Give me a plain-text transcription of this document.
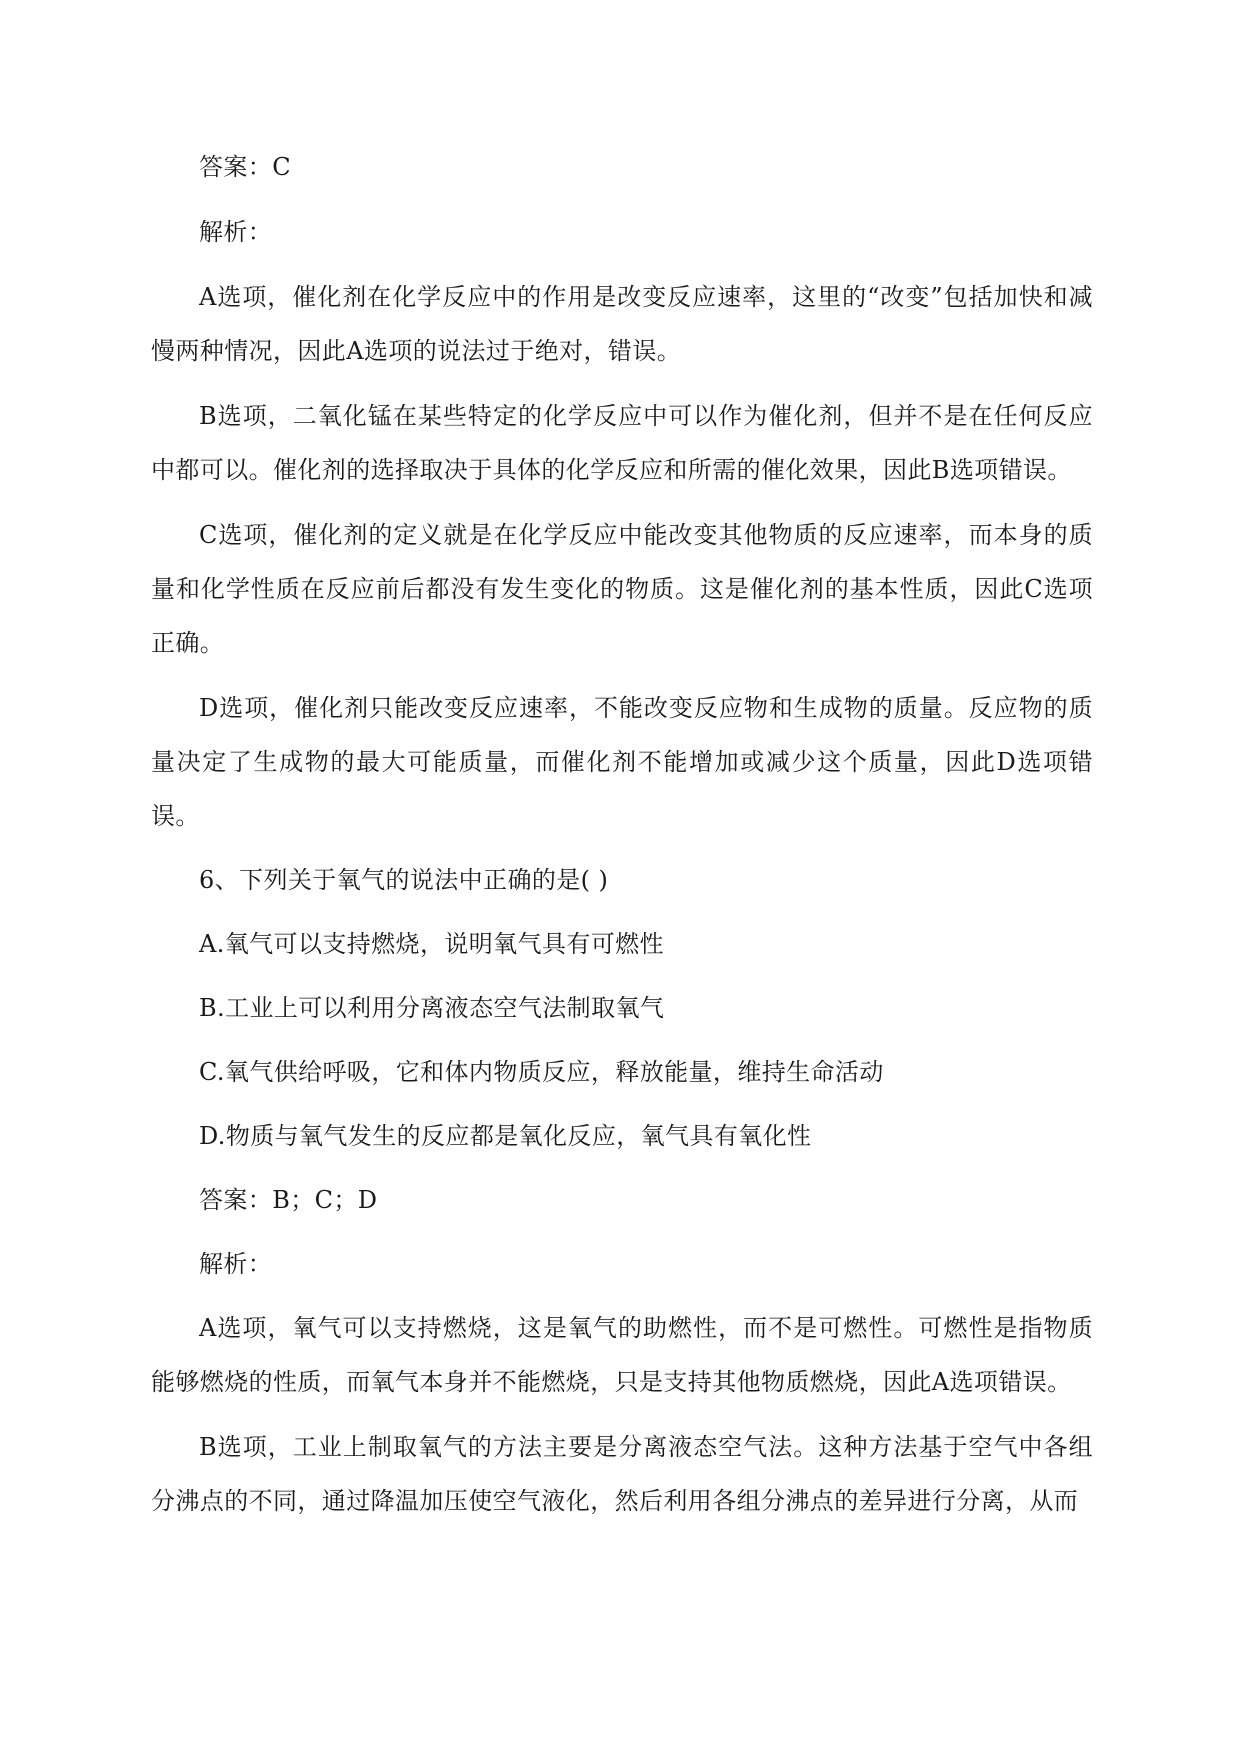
答案：C

解析：

A选项，催化剂在化学反应中的作用是改变反应速率，这里的“改变”包括加快和减慢两种情况，因此A选项的说法过于绝对，错误。

B选项，二氧化锰在某些特定的化学反应中可以作为催化剂，但并不是在任何反应中都可以。催化剂的选择取决于具体的化学反应和所需的催化效果，因此B选项错误。

C选项，催化剂的定义就是在化学反应中能改变其他物质的反应速率，而本身的质量和化学性质在反应前后都没有发生变化的物质。这是催化剂的基本性质，因此C选项正确。

D选项，催化剂只能改变反应速率，不能改变反应物和生成物的质量。反应物的质量决定了生成物的最大可能质量，而催化剂不能增加或减少这个质量，因此D选项错误。

6、下列关于氧气的说法中正确的是( )

A.氧气可以支持燃烧，说明氧气具有可燃性

B.工业上可以利用分离液态空气法制取氧气

C.氧气供给呼吸，它和体内物质反应，释放能量，维持生命活动

D.物质与氧气发生的反应都是氧化反应，氧气具有氧化性

答案：B；C；D

解析：

A选项，氧气可以支持燃烧，这是氧气的助燃性，而不是可燃性。可燃性是指物质能够燃烧的性质，而氧气本身并不能燃烧，只是支持其他物质燃烧，因此A选项错误。

B选项，工业上制取氧气的方法主要是分离液态空气法。这种方法基于空气中各组分沸点的不同，通过降温加压使空气液化，然后利用各组分沸点的差异进行分离，从而
